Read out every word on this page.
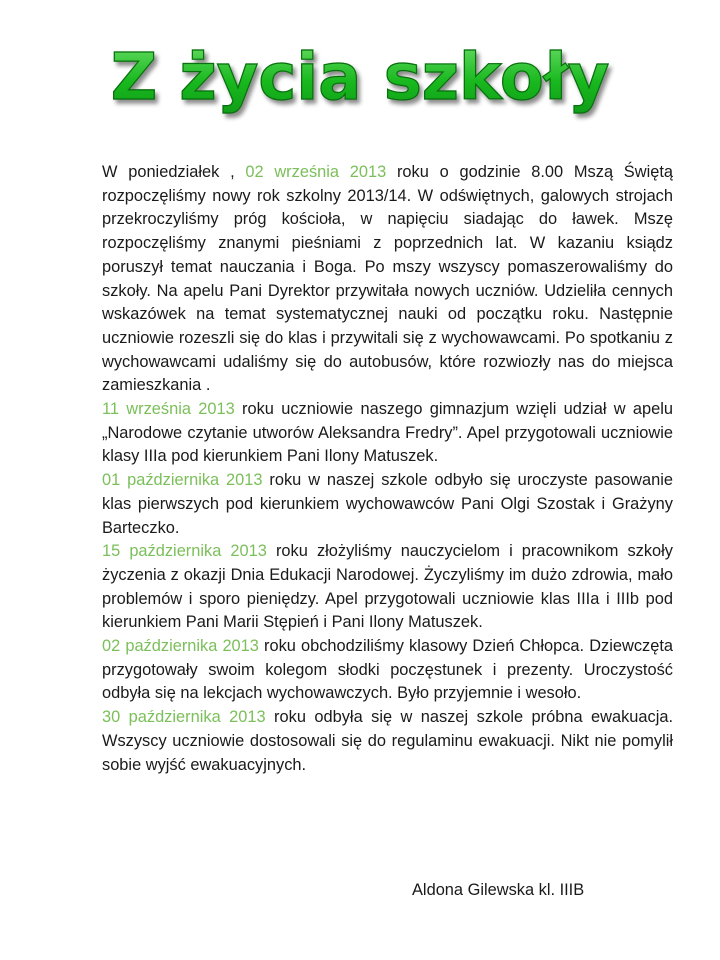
Z życia szkoły

W poniedziałek , 02 września 2013 roku o godzinie 8.00 Mszą Świętą rozpoczęliśmy nowy rok szkolny 2013/14. W odświętnych, galowych strojach przekroczyliśmy próg kościoła, w napięciu siadając do ławek. Mszę rozpoczęliśmy znanymi pieśniami z poprzednich lat. W kazaniu ksiądz poruszył temat nauczania i Boga. Po mszy wszyscy pomaszerowaliśmy do szkoły. Na apelu Pani Dyrektor przywitała nowych uczniów. Udzieliła cennych wskazówek na temat systematycznej nauki od początku roku. Następnie uczniowie rozeszli się do klas i przywitali się z wychowawcami. Po spotkaniu z wychowawcami udaliśmy się do autobusów, które rozwiozły nas do miejsca zamieszkania .

11 września 2013 roku uczniowie naszego gimnazjum wzięli udział w apelu „Narodowe czytanie utworów Aleksandra Fredry”. Apel przygotowali uczniowie klasy IIIa pod kierunkiem Pani Ilony Matuszek.

01 października 2013 roku w naszej szkole odbyło się uroczyste pasowanie klas pierwszych pod kierunkiem wychowawców Pani Olgi Szostak i Grażyny Barteczko.

15 października 2013 roku złożyliśmy nauczycielom i pracownikom szkoły życzenia z okazji Dnia Edukacji Narodowej. Życzyliśmy im dużo zdrowia, mało problemów i sporo pieniędzy. Apel przygotowali uczniowie klas IIIa i IIIb pod kierunkiem Pani Marii Stępień i Pani Ilony Matuszek.

02 października 2013 roku obchodziliśmy klasowy Dzień Chłopca. Dziewczęta przygotowały swoim kolegom słodki poczęstunek i prezenty. Uroczystość odbyła się na lekcjach wychowawczych. Było przyjemnie i wesoło.

30 października 2013 roku odbyła się w naszej szkole próbna ewakuacja. Wszyscy uczniowie dostosowali się do regulaminu ewakuacji. Nikt nie pomylił sobie wyjść ewakuacyjnych.

Aldona Gilewska kl. IIIB
